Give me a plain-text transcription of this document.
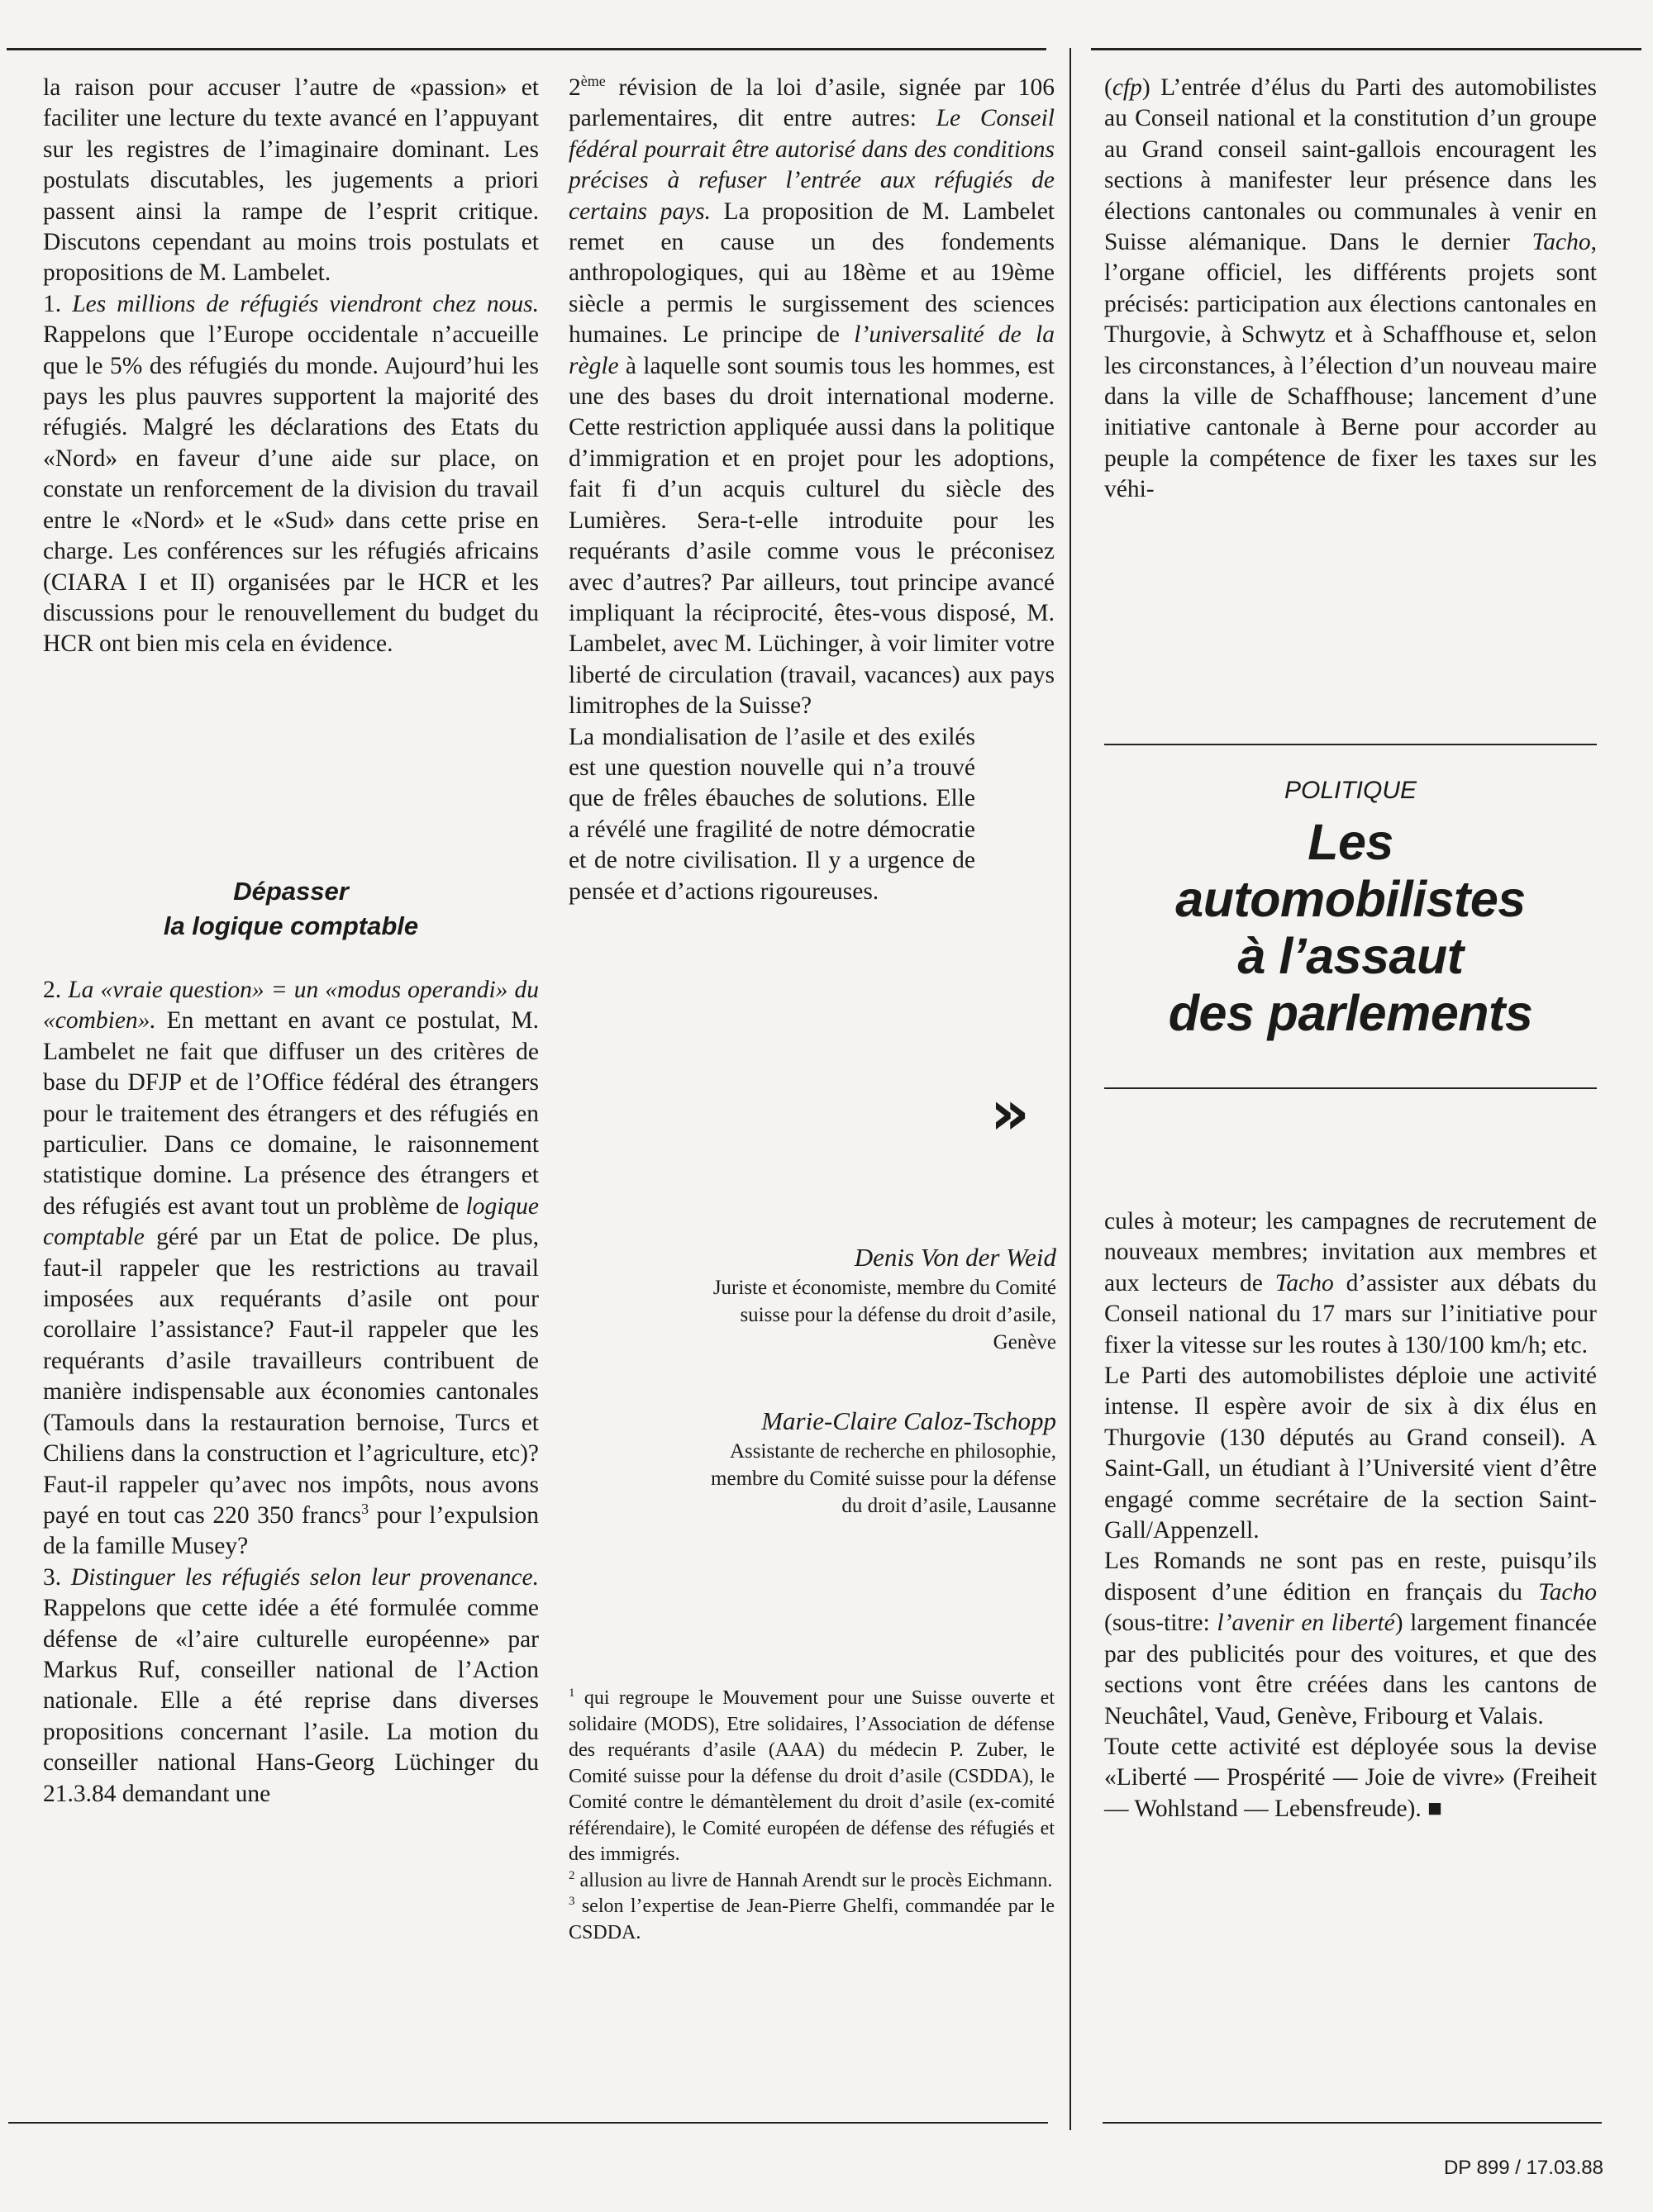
la raison pour accuser l’autre de «passion» et faciliter une lecture du texte avancé en l’appuyant sur les registres de l’imaginaire dominant. Les postulats discutables, les jugements a priori passent ainsi la rampe de l’esprit critique. Discutons cependant au moins trois postulats et propositions de M. Lambelet.

1. Les millions de réfugiés viendront chez nous. Rappelons que l’Europe occidentale n’accueille que le 5% des réfugiés du monde. Aujourd’hui les pays les plus pauvres supportent la majorité des réfugiés. Malgré les déclarations des Etats du «Nord» en faveur d’une aide sur place, on constate un renforcement de la division du travail entre le «Nord» et le «Sud» dans cette prise en charge. Les conférences sur les réfugiés africains (CIARA I et II) organisées par le HCR et les discussions pour le renouvellement du budget du HCR ont bien mis cela en évidence.

Dépasser
la logique comptable

2. La «vraie question» = un «modus operandi» du «combien». En mettant en avant ce postulat, M. Lambelet ne fait que diffuser un des critères de base du DFJP et de l’Office fédéral des étrangers pour le traitement des étrangers et des réfugiés en particulier. Dans ce domaine, le raisonnement statistique domine. La présence des étrangers et des réfugiés est avant tout un problème de logique comptable géré par un Etat de police. De plus, faut-il rappeler que les restrictions au travail imposées aux requérants d’asile ont pour corollaire l’assistance? Faut-il rappeler que les requérants d’asile travailleurs contribuent de manière indispensable aux économies cantonales (Tamouls dans la restauration bernoise, Turcs et Chiliens dans la construction et l’agriculture, etc)? Faut-il rappeler qu’avec nos impôts, nous avons payé en tout cas 220 350 francs$^3$ pour l’expulsion de la famille Musey?

3. Distinguer les réfugiés selon leur provenance. Rappelons que cette idée a été formulée comme défense de «l’aire culturelle européenne» par Markus Ruf, conseiller national de l’Action nationale. Elle a été reprise dans diverses propositions concernant l’asile. La motion du conseiller national Hans-Georg Lüchinger du 21.3.84 demandant une

2ème révision de la loi d’asile, signée par 106 parlementaires, dit entre autres: Le Conseil fédéral pourrait être autorisé dans des conditions précises à refuser l’entrée aux réfugiés de certains pays. La proposition de M. Lambelet remet en cause un des fondements anthropologiques, qui au 18ème et au 19ème siècle a permis le surgissement des sciences humaines. Le principe de l’universalité de la règle à laquelle sont soumis tous les hommes, est une des bases du droit international moderne. Cette restriction appliquée aussi dans la politique d’immigration et en projet pour les adoptions, fait fi d’un acquis culturel du siècle des Lumières. Sera-t-elle introduite pour les requérants d’asile comme vous le préconisez avec d’autres? Par ailleurs, tout principe avancé impliquant la réciprocité, êtes-vous disposé, M. Lambelet, avec M. Lüchinger, à voir limiter votre liberté de circulation (travail, vacances) aux pays limitrophes de la Suisse?

La mondialisation de l’asile et des exilés est une question nouvelle qui n’a trouvé que de frêles ébauches de solutions. Elle a révélé une fragilité de notre démocratie et de notre civilisation. Il y a urgence de pensée et d’actions rigoureuses.

»
Denis Von der Weid
Juriste et économiste, membre du Comité
suisse pour la défense du droit d’asile,
Genève
Marie-Claire Caloz-Tschopp
Assistante de recherche en philosophie,
membre du Comité suisse pour la défense
du droit d’asile, Lausanne

$^1$ qui regroupe le Mouvement pour une Suisse ouverte et solidaire (MODS), Etre solidaires, l’Association de défense des requérants d’asile (AAA) du médecin P. Zuber, le Comité suisse pour la défense du droit d’asile (CSDDA), le Comité contre le démantèlement du droit d’asile (ex-comité référendaire), le Comité européen de défense des réfugiés et des immigrés.

$^2$ allusion au livre de Hannah Arendt sur le procès Eichmann.

$^3$ selon l’expertise de Jean-Pierre Ghelfi, commandée par le CSDDA.

(cfp) L’entrée d’élus du Parti des automobilistes au Conseil national et la constitution d’un groupe au Grand conseil saint-gallois encouragent les sections à manifester leur présence dans les élections cantonales ou communales à venir en Suisse alémanique. Dans le dernier Tacho, l’organe officiel, les différents projets sont précisés: participation aux élections cantonales en Thurgovie, à Schwytz et à Schaffhouse et, selon les circonstances, à l’élection d’un nouveau maire dans la ville de Schaffhouse; lancement d’une initiative cantonale à Berne pour accorder au peuple la compétence de fixer les taxes sur les véhi-

POLITIQUE
Les
automobilistes
à l’assaut
des parlements

cules à moteur; les campagnes de recrutement de nouveaux membres; invitation aux membres et aux lecteurs de Tacho d’assister aux débats du Conseil national du 17 mars sur l’initiative pour fixer la vitesse sur les routes à 130/100 km/h; etc.

Le Parti des automobilistes déploie une activité intense. Il espère avoir de six à dix élus en Thurgovie (130 députés au Grand conseil). A Saint-Gall, un étudiant à l’Université vient d’être engagé comme secrétaire de la section Saint-Gall/Appenzell.

Les Romands ne sont pas en reste, puisqu’ils disposent d’une édition en français du Tacho (sous-titre: l’avenir en liberté) largement financée par des publicités pour des voitures, et que des sections vont être créées dans les cantons de Neuchâtel, Vaud, Genève, Fribourg et Valais.

Toute cette activité est déployée sous la devise «Liberté — Prospérité — Joie de vivre» (Freiheit — Wohlstand — Lebensfreude). ■

DP 899 / 17.03.88
